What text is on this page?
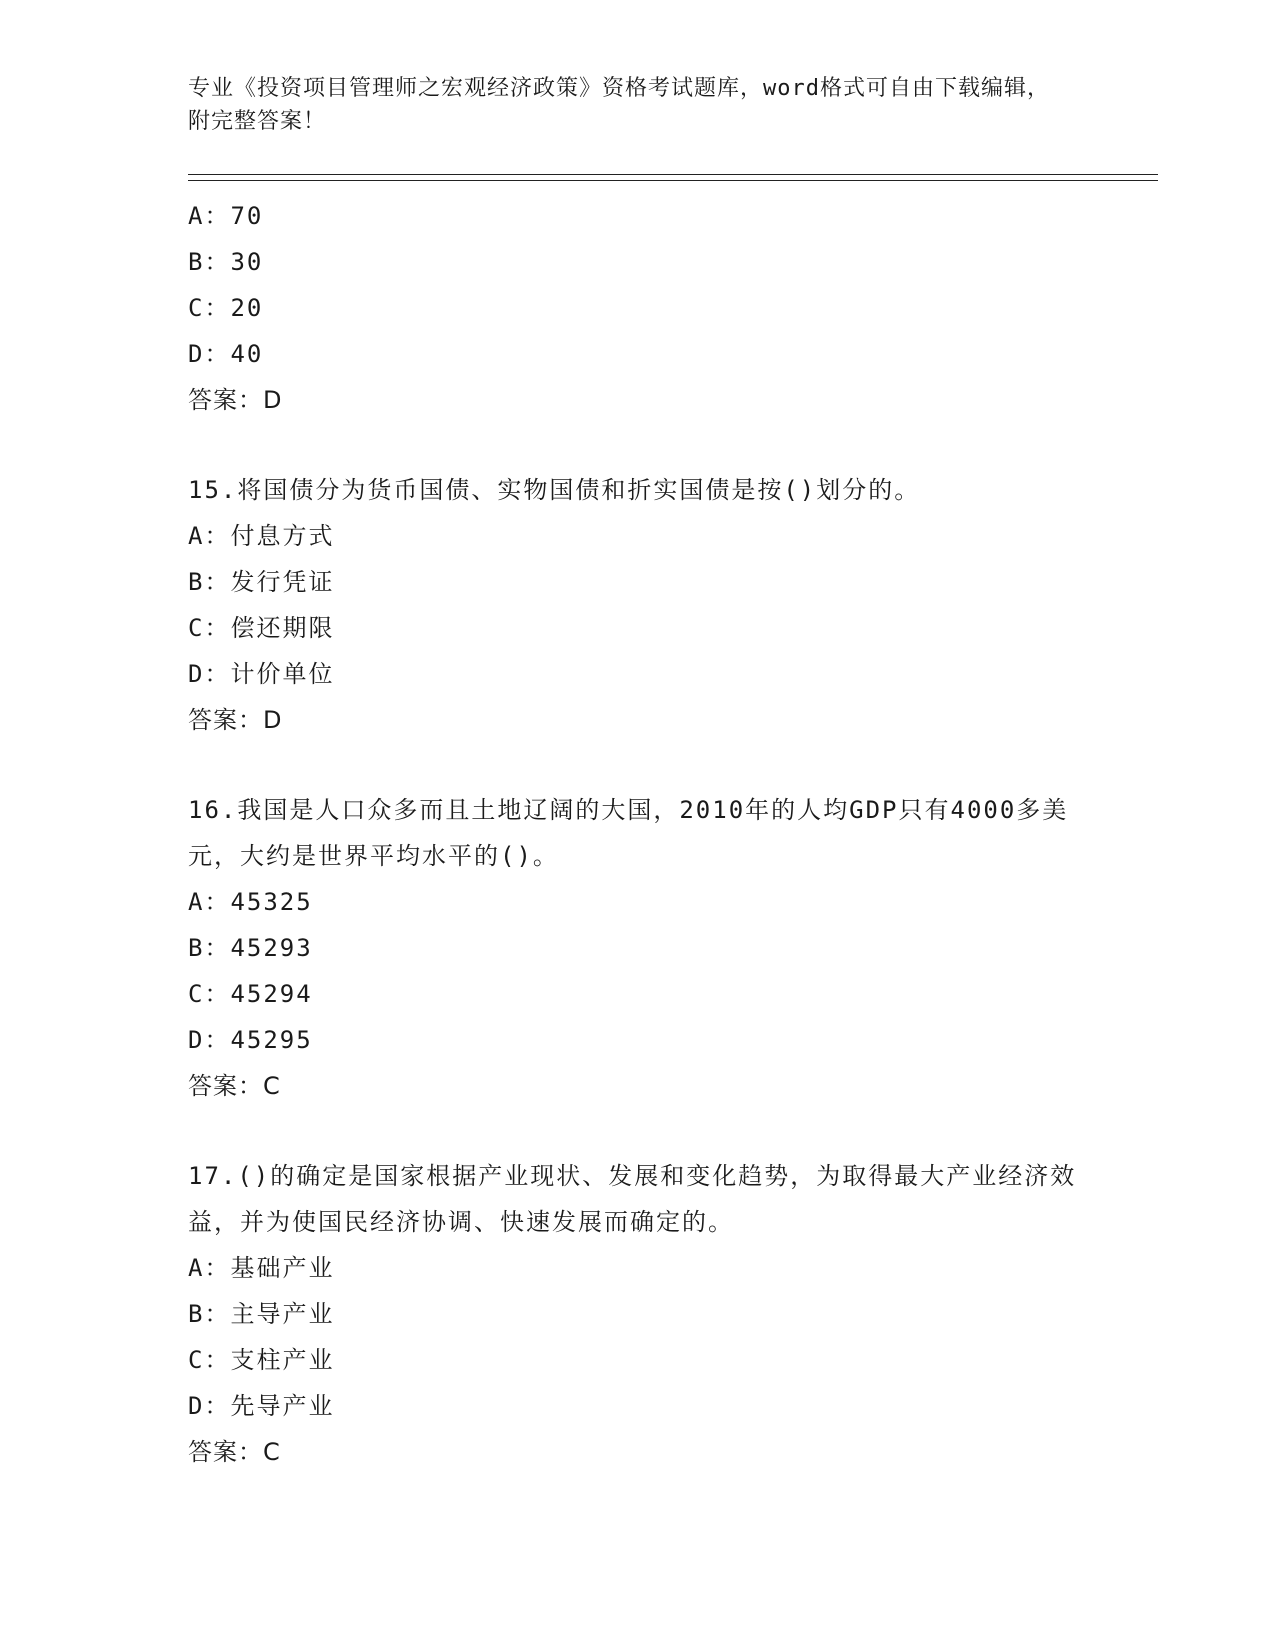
专业《投资项目管理师之宏观经济政策》资格考试题库，word格式可自由下载编辑，附完整答案！

A：70
B：30
C：20
D：40
答案：D
15.将国债分为货币国债、实物国债和折实国债是按()划分的。
A：付息方式
B：发行凭证
C：偿还期限
D：计价单位
答案：D
16.我国是人口众多而且土地辽阔的大国，2010年的人均GDP只有4000多美元，大约是世界平均水平的()。
A：45325
B：45293
C：45294
D：45295
答案：C
17.()的确定是国家根据产业现状、发展和变化趋势，为取得最大产业经济效益，并为使国民经济协调、快速发展而确定的。
A：基础产业
B：主导产业
C：支柱产业
D：先导产业
答案：C
